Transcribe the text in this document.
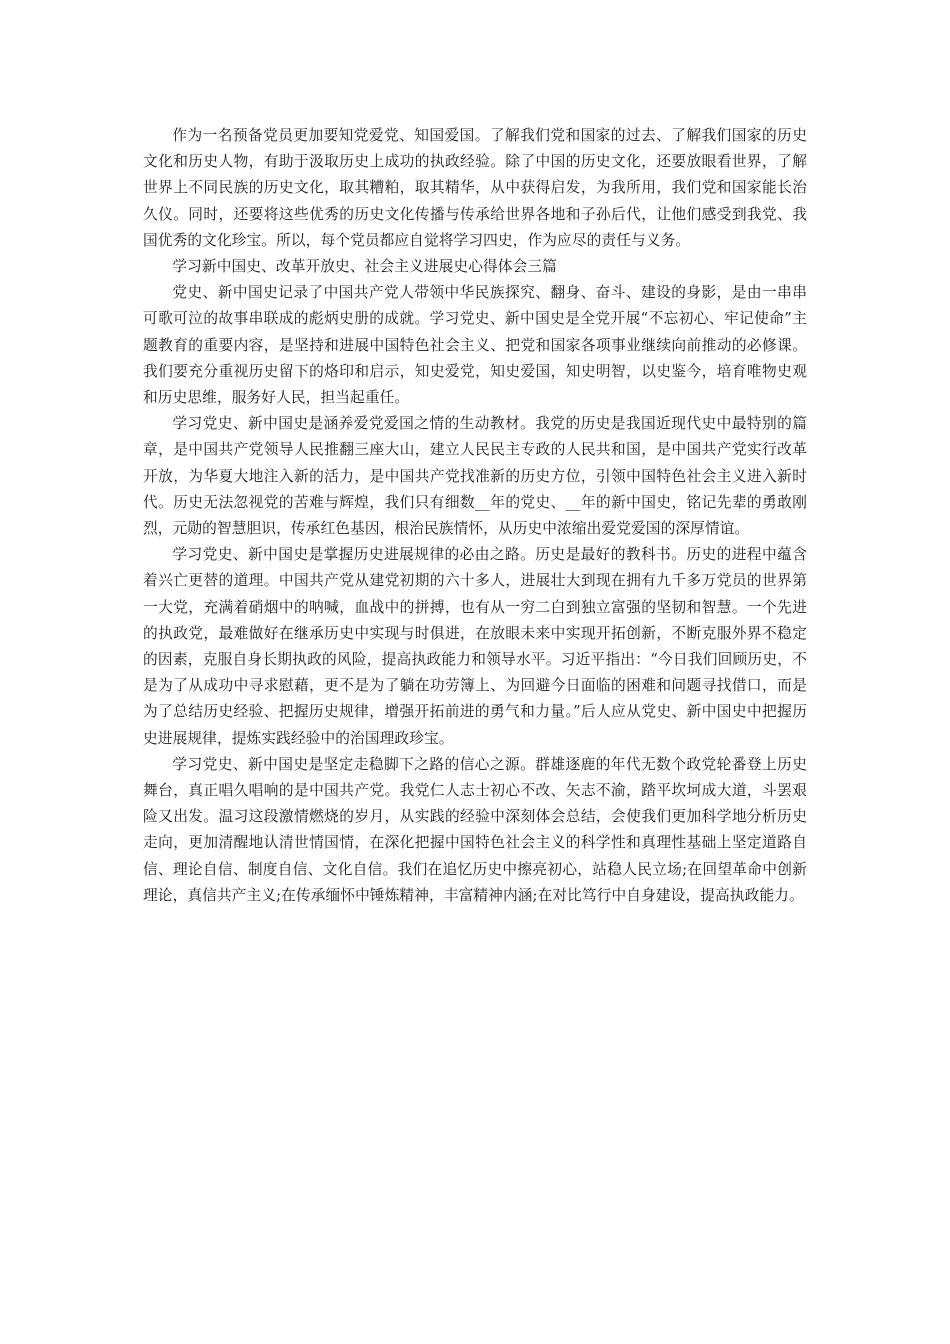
作为一名预备党员更加要知党爱党、知国爱国。了解我们党和国家的过去、了解我们国家的历史文化和历史人物，有助于汲取历史上成功的执政经验。除了中国的历史文化，还要放眼看世界，了解世界上不同民族的历史文化，取其糟粕，取其精华，从中获得启发，为我所用，我们党和国家能长治久仪。同时，还要将这些优秀的历史文化传播与传承给世界各地和子孙后代，让他们感受到我党、我国优秀的文化珍宝。所以，每个党员都应自觉将学习四史，作为应尽的责任与义务。

学习新中国史、改革开放史、社会主义进展史心得体会三篇

党史、新中国史记录了中国共产党人带领中华民族探究、翻身、奋斗、建设的身影，是由一串串可歌可泣的故事串联成的彪炳史册的成就。学习党史、新中国史是全党开展“不忘初心、牢记使命”主题教育的重要内容，是坚持和进展中国特色社会主义、把党和国家各项事业继续向前推动的必修课。我们要充分重视历史留下的烙印和启示，知史爱党，知史爱国，知史明智，以史鉴今，培育唯物史观和历史思维，服务好人民，担当起重任。

学习党史、新中国史是涵养爱党爱国之情的生动教材。我党的历史是我国近现代史中最特别的篇章，是中国共产党领导人民推翻三座大山，建立人民民主专政的人民共和国，是中国共产党实行改革开放，为华夏大地注入新的活力，是中国共产党找准新的历史方位，引领中国特色社会主义进入新时代。历史无法忽视党的苦难与辉煌，我们只有细数__年的党史、__年的新中国史，铭记先辈的勇敢刚烈，元勋的智慧胆识，传承红色基因，根治民族情怀，从历史中浓缩出爱党爱国的深厚情谊。

学习党史、新中国史是掌握历史进展规律的必由之路。历史是最好的教科书。历史的进程中蕴含着兴亡更替的道理。中国共产党从建党初期的六十多人，进展壮大到现在拥有九千多万党员的世界第一大党，充满着硝烟中的呐喊，血战中的拼搏，也有从一穷二白到独立富强的坚韧和智慧。一个先进的执政党，最难做好在继承历史中实现与时俱进，在放眼未来中实现开拓创新，不断克服外界不稳定的因素，克服自身长期执政的风险，提高执政能力和领导水平。习近平指出：“今日我们回顾历史，不是为了从成功中寻求慰藉，更不是为了躺在功劳簿上、为回避今日面临的困难和问题寻找借口，而是为了总结历史经验、把握历史规律，增强开拓前进的勇气和力量。”后人应从党史、新中国史中把握历史进展规律，提炼实践经验中的治国理政珍宝。

学习党史、新中国史是坚定走稳脚下之路的信心之源。群雄逐鹿的年代无数个政党轮番登上历史舞台，真正唱久唱响的是中国共产党。我党仁人志士初心不改、矢志不渝，踏平坎坷成大道，斗罢艰险又出发。温习这段激情燃烧的岁月，从实践的经验中深刻体会总结，会使我们更加科学地分析历史走向，更加清醒地认清世情国情，在深化把握中国特色社会主义的科学性和真理性基础上坚定道路自信、理论自信、制度自信、文化自信。我们在追忆历史中擦亮初心，站稳人民立场;在回望革命中创新理论，真信共产主义;在传承缅怀中锤炼精神，丰富精神内涵;在对比笃行中自身建设，提高执政能力。
